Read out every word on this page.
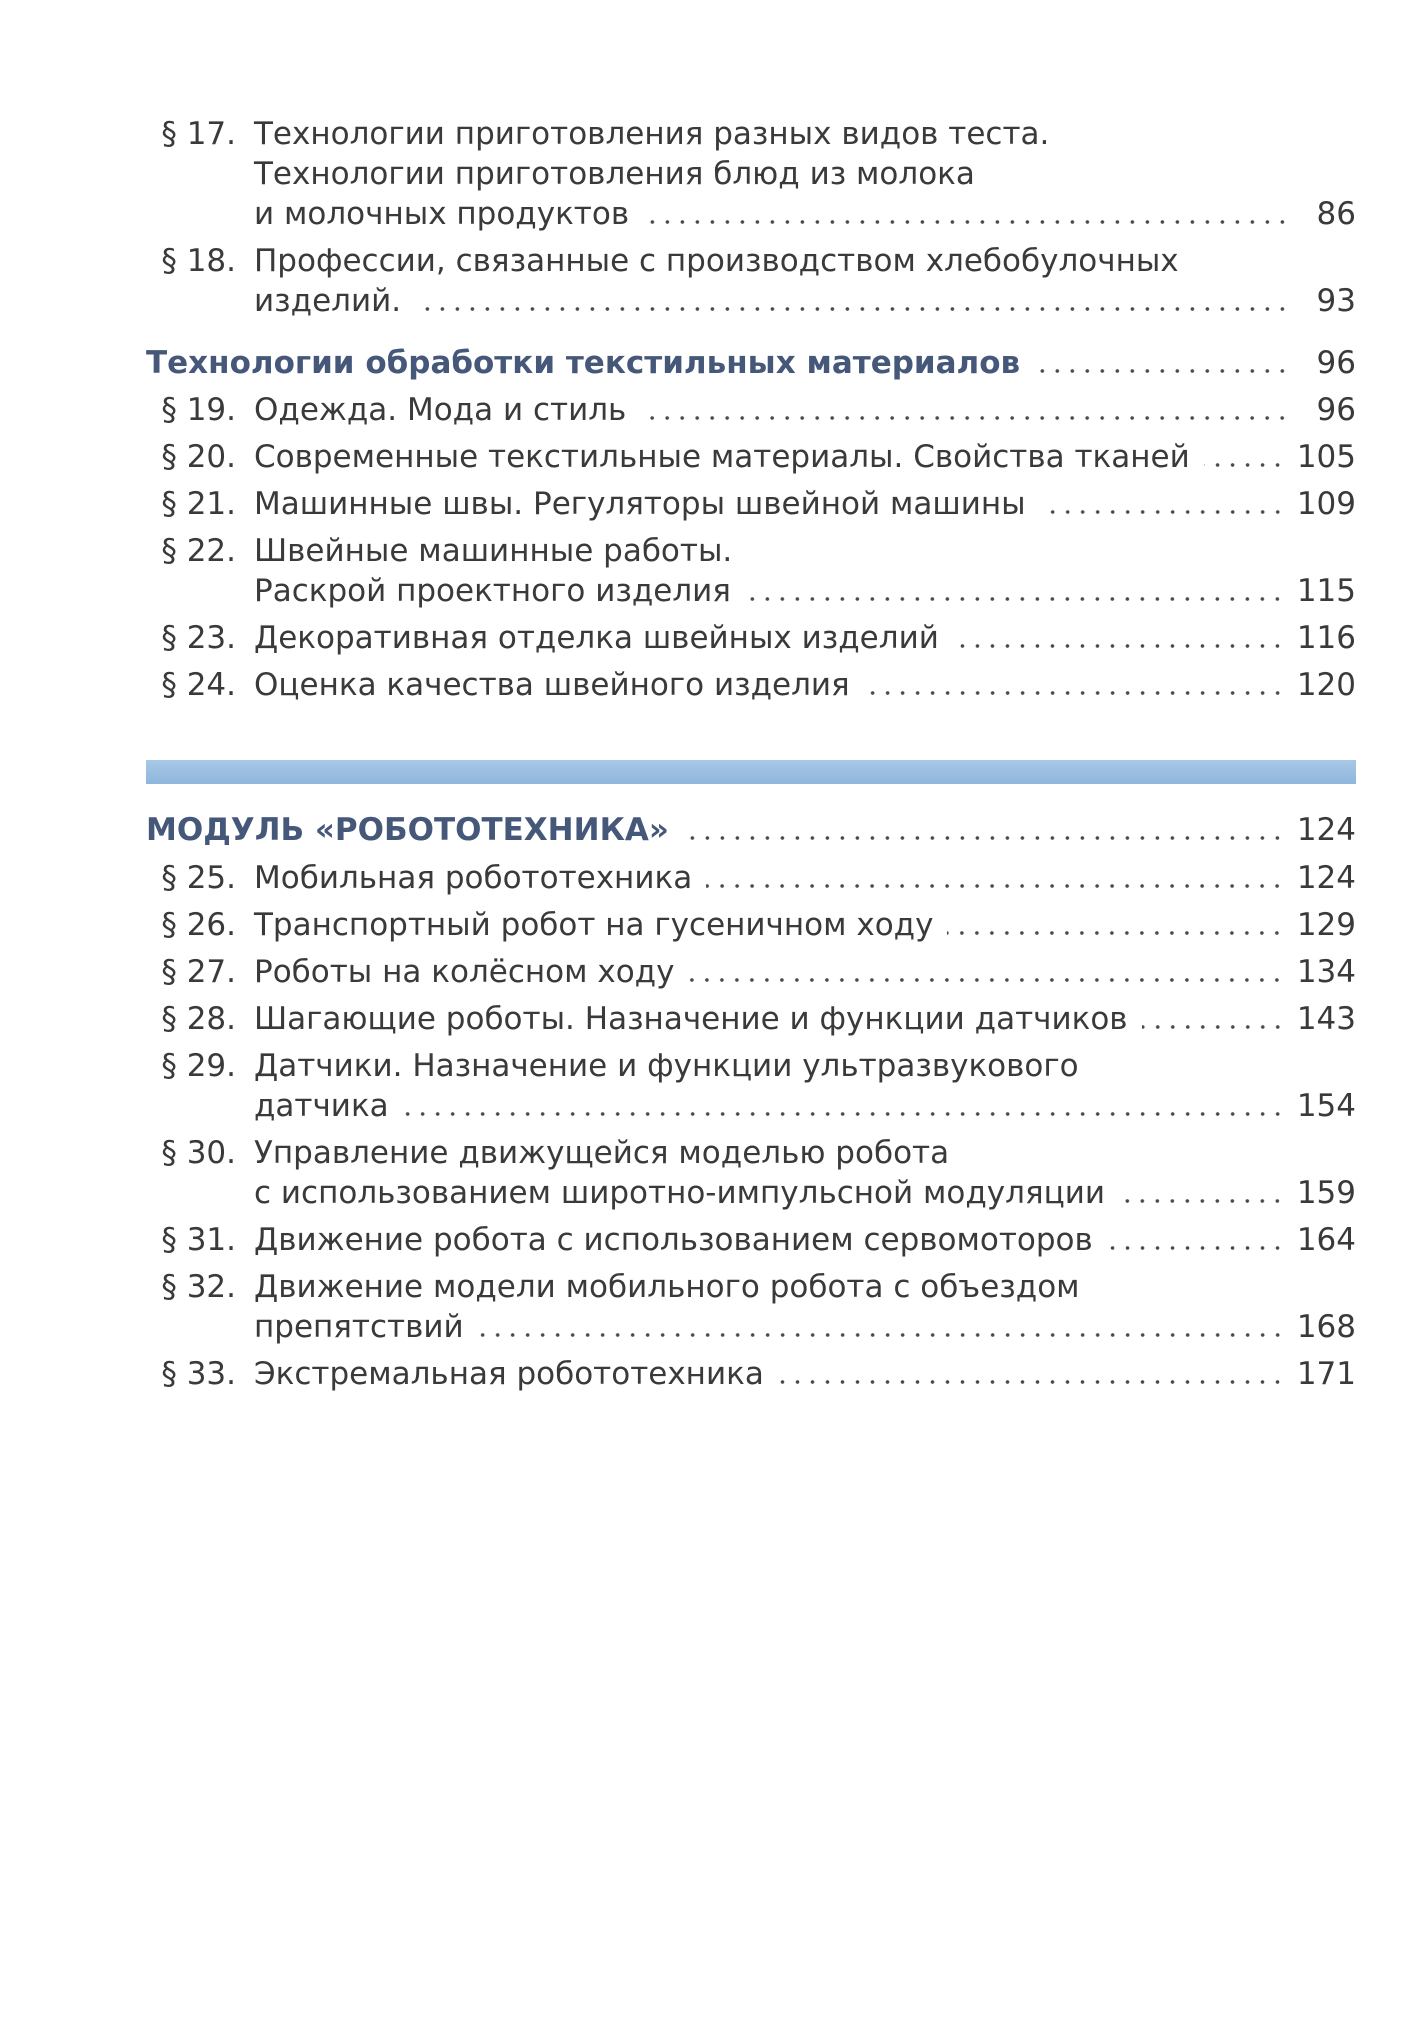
§ 17. Технологии приготовления разных видов теста.
Технологии приготовления блюд из молока
и молочных продуктов	86
§ 18. Профессии, связанные с производством хлебобулочных
изделий.	93
Технологии обработки текстильных материалов	96
§ 19. Одежда. Мода и стиль	96
§ 20. Современные текстильные материалы. Свойства тканей	105
§ 21. Машинные швы. Регуляторы швейной машины	109
§ 22. Швейные машинные работы.
Раскрой проектного изделия	115
§ 23. Декоративная отделка швейных изделий	116
§ 24. Оценка качества швейного изделия	120
МОДУЛЬ «РОБОТОТЕХНИКА»	124
§ 25. Мобильная робототехника	124
§ 26. Транспортный робот на гусеничном ходу	129
§ 27. Роботы на колёсном ходу	134
§ 28. Шагающие роботы. Назначение и функции датчиков	143
§ 29. Датчики. Назначение и функции ультразвукового
датчика	154
§ 30. Управление движущейся моделью робота
с использованием широтно-импульсной модуляции	159
§ 31. Движение робота с использованием сервомоторов	164
§ 32. Движение модели мобильного робота с объездом
препятствий	168
§ 33. Экстремальная робототехника	171
